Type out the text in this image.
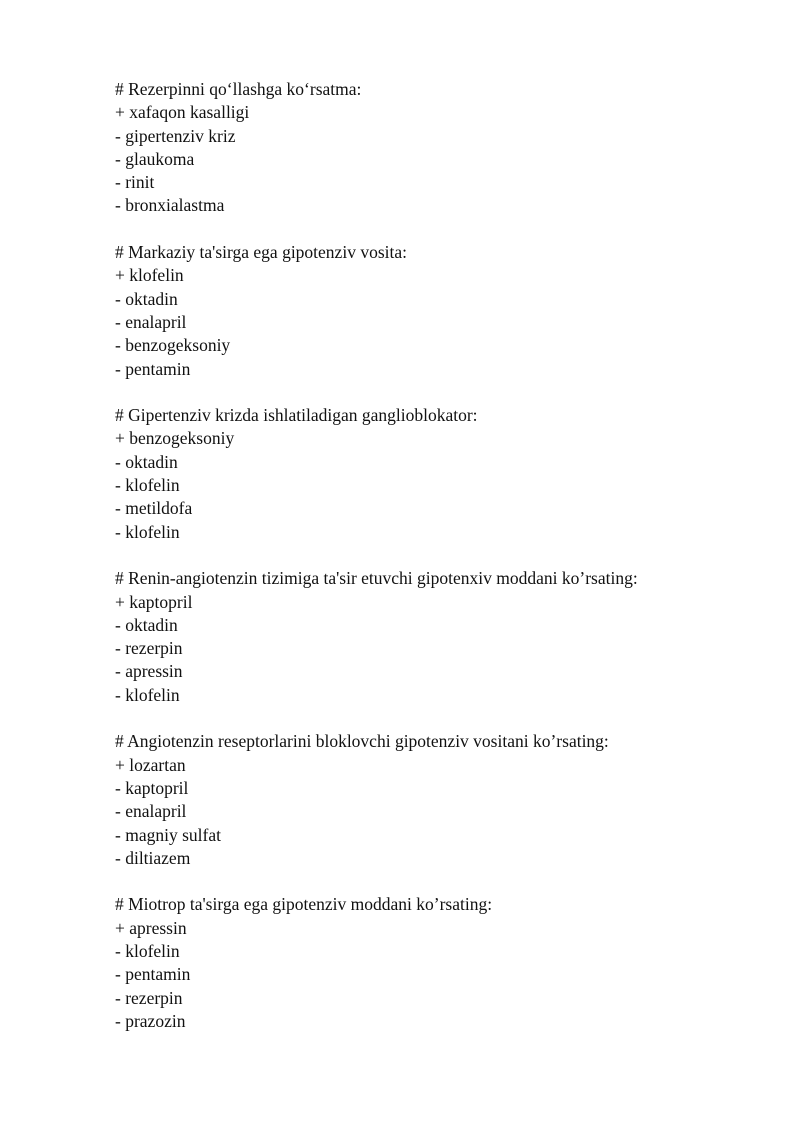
# Rezerpinni qo‘llashga ko‘rsatma:
+ xafaqon kasalligi
- gipertenziv kriz
- glaukoma
- rinit
- bronxialastma
# Markaziy ta'sirga ega gipotenziv vosita:
+ klofelin
- oktadin
- enalapril
- benzogeksoniy
- pentamin
# Gipertenziv krizda ishlatiladigan ganglioblokator:
+ benzogeksoniy
- oktadin
- klofelin
- metildofa
- klofelin
# Renin-angiotenzin tizimiga ta'sir etuvchi gipotenxiv moddani ko’rsating:
+ kaptopril
- oktadin
- rezerpin
- apressin
- klofelin
# Angiotenzin reseptorlarini bloklovchi gipotenziv vositani ko’rsating:
+ lozartan
- kaptopril
- enalapril
- magniy sulfat
- diltiazem
# Miotrop ta'sirga ega gipotenziv moddani ko’rsating:
+ apressin
- klofelin
- pentamin
- rezerpin
- prazozin
